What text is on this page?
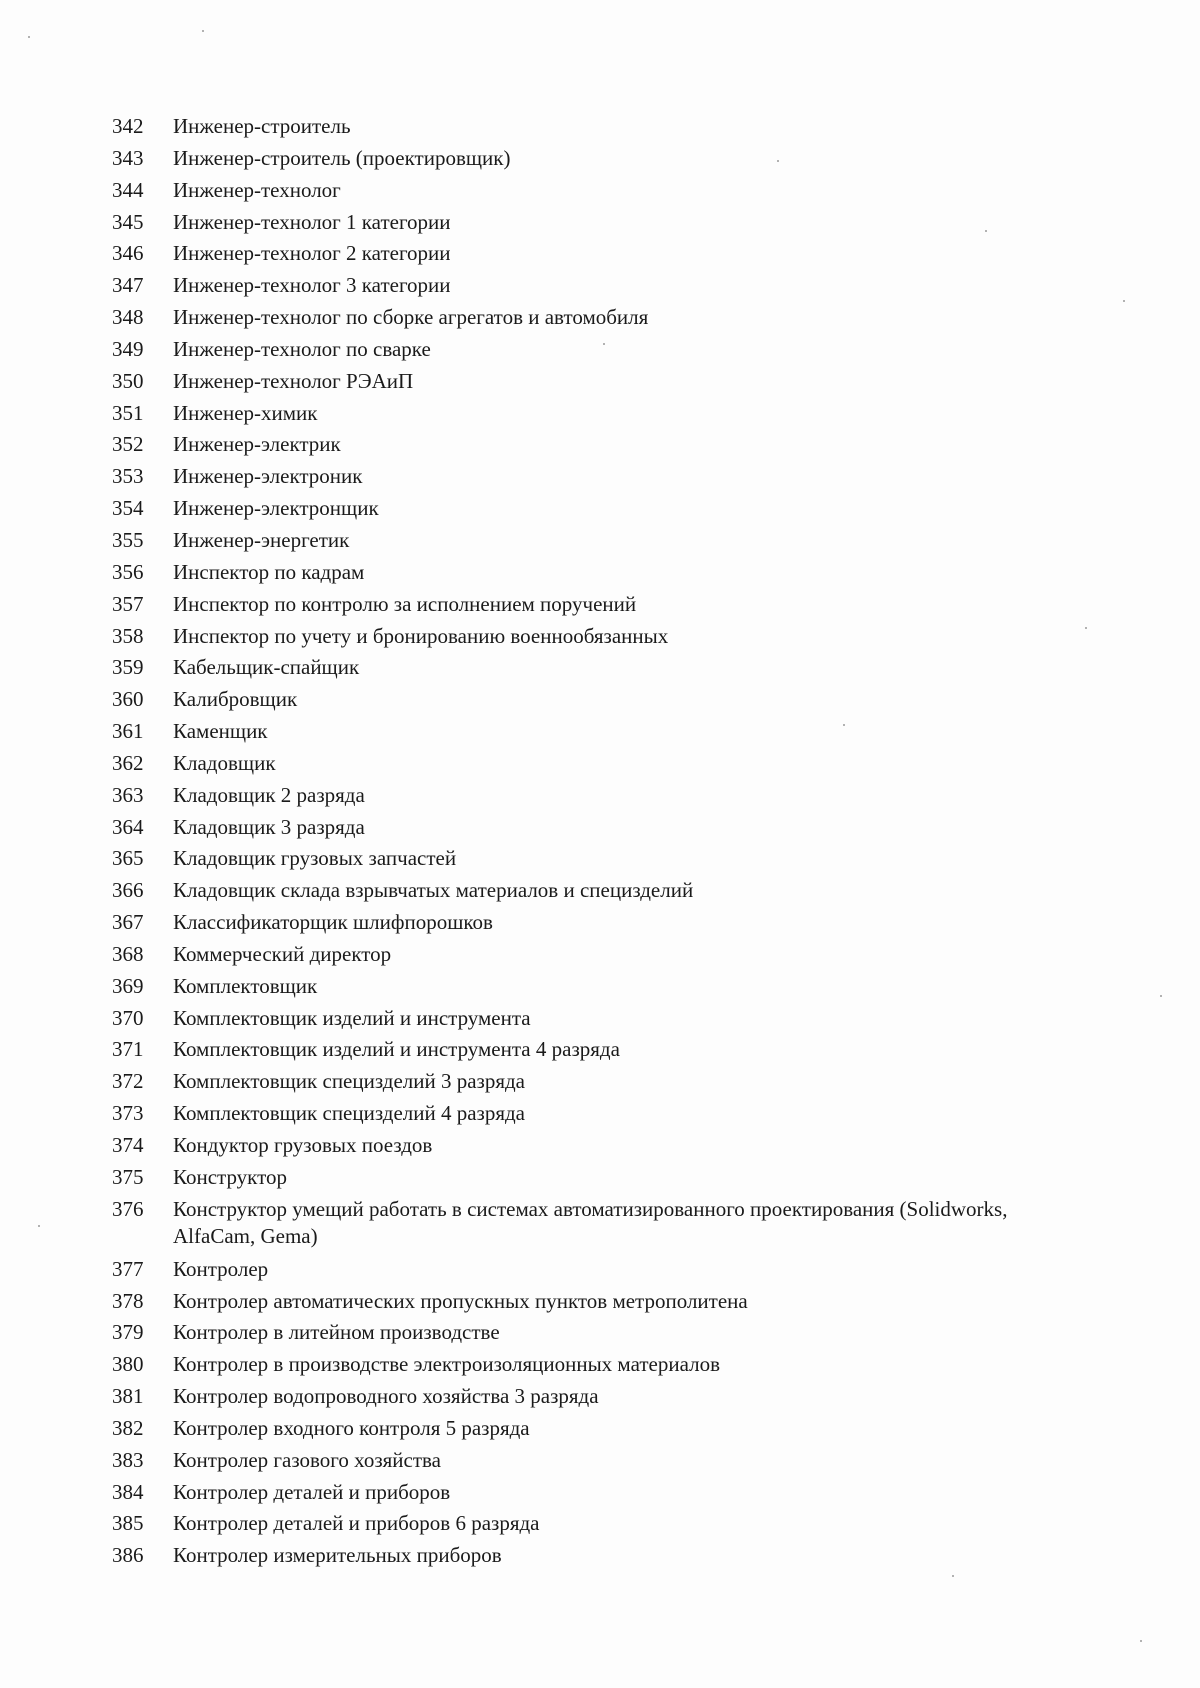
342	Инженер-строитель
343	Инженер-строитель (проектировщик)
344	Инженер-технолог
345	Инженер-технолог 1 категории
346	Инженер-технолог 2 категории
347	Инженер-технолог 3 категории
348	Инженер-технолог по сборке агрегатов и автомобиля
349	Инженер-технолог по сварке
350	Инженер-технолог РЭАиП
351	Инженер-химик
352	Инженер-электрик
353	Инженер-электроник
354	Инженер-электронщик
355	Инженер-энергетик
356	Инспектор по кадрам
357	Инспектор по контролю за исполнением поручений
358	Инспектор по учету и бронированию военнообязанных
359	Кабельщик-спайщик
360	Калибровщик
361	Каменщик
362	Кладовщик
363	Кладовщик 2 разряда
364	Кладовщик 3 разряда
365	Кладовщик грузовых запчастей
366	Кладовщик склада взрывчатых материалов и специзделий
367	Классификаторщик шлифпорошков
368	Коммерческий директор
369	Комплектовщик
370	Комплектовщик изделий и инструмента
371	Комплектовщик изделий и инструмента 4 разряда
372	Комплектовщик специзделий 3 разряда
373	Комплектовщик специзделий 4 разряда
374	Кондуктор грузовых поездов
375	Конструктор
376	Конструктор умещий работать в системах автоматизированного проектирования (Solidworks, AlfaCam, Gema)
377	Контролер
378	Контролер автоматических пропускных пунктов метрополитена
379	Контролер в литейном производстве
380	Контролер в производстве электроизоляционных материалов
381	Контролер водопроводного хозяйства 3 разряда
382	Контролер входного контроля 5 разряда
383	Контролер газового хозяйства
384	Контролер деталей и приборов
385	Контролер деталей и приборов 6 разряда
386	Контролер измерительных приборов
